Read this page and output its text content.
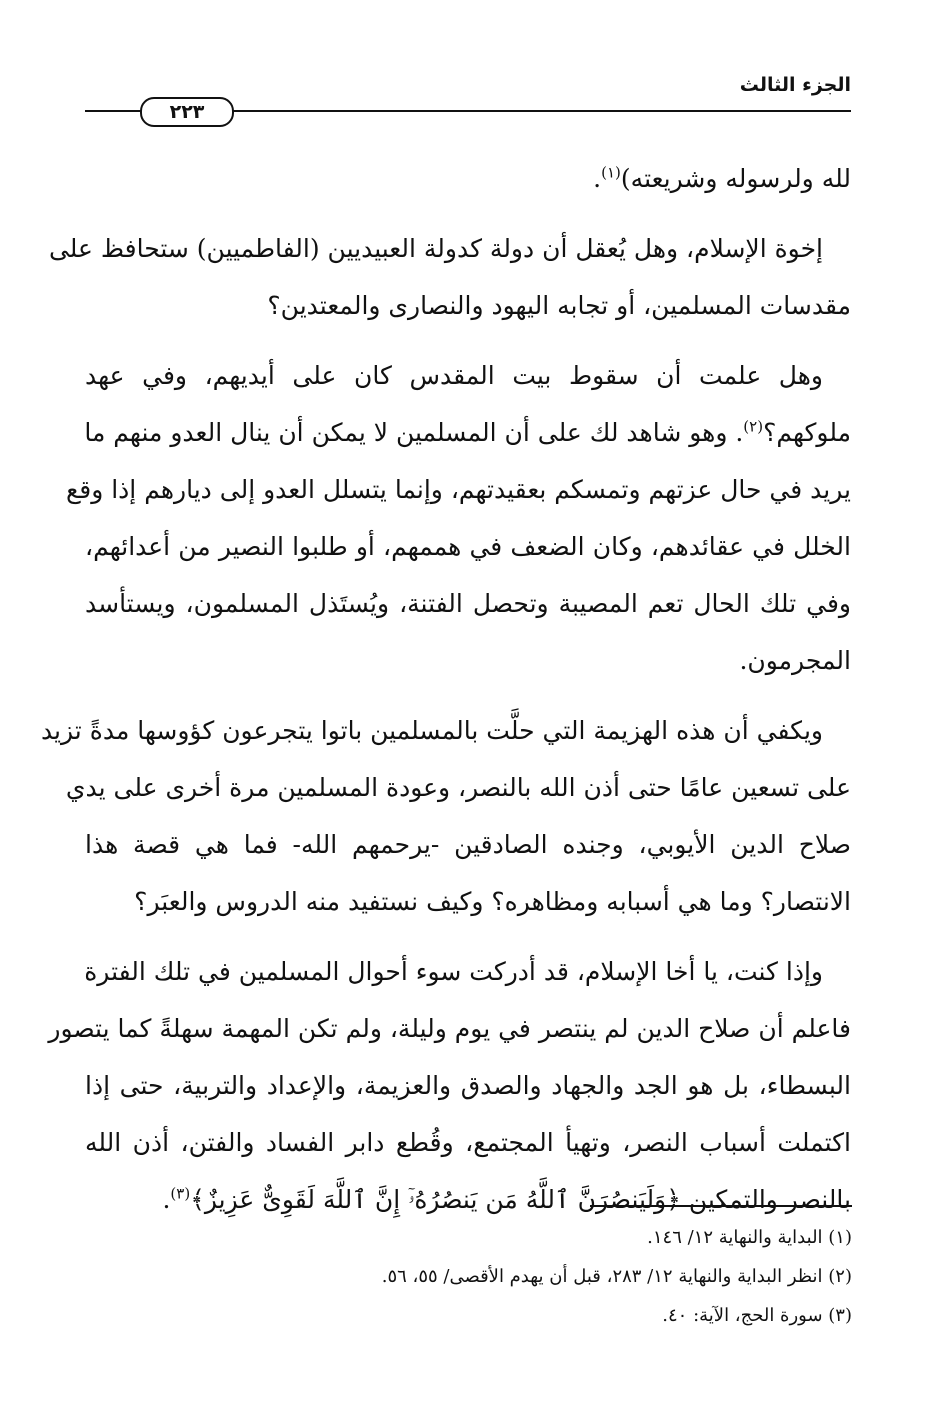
٢٢٣
الجزء الثالث

لله ولرسوله وشريعته)$^{(١)}$.

إخوة الإسلام، وهل يُعقل أن دولة كدولة العبيديين (الفاطميين) ستحافظ على
مقدسات المسلمين، أو تجابه اليهود والنصارى والمعتدين؟

وهل علمت أن سقوط بيت المقدس كان على أيديهم، وفي عهد
ملوكهم؟$^{(٢)}$. وهو شاهد لك على أن المسلمين لا يمكن أن ينال العدو منهم ما
يريد في حال عزتهم وتمسكم بعقيدتهم، وإنما يتسلل العدو إلى ديارهم إذا وقع
الخلل في عقائدهم، وكان الضعف في هممهم، أو طلبوا النصير من أعدائهم،
وفي تلك الحال تعم المصيبة وتحصل الفتنة، ويُستَذل المسلمون، ويستأسد
المجرمون.

ويكفي أن هذه الهزيمة التي حلَّت بالمسلمين باتوا يتجرعون كؤوسها مدةً تزيد
على تسعين عامًا حتى أذن الله بالنصر، وعودة المسلمين مرة أخرى على يدي
صلاح الدين الأيوبي، وجنده الصادقين -يرحمهم الله- فما هي قصة هذا
الانتصار؟ وما هي أسبابه ومظاهره؟ وكيف نستفيد منه الدروس والعبَر؟

وإذا كنت، يا أخا الإسلام، قد أدركت سوء أحوال المسلمين في تلك الفترة
فاعلم أن صلاح الدين لم ينتصر في يوم وليلة، ولم تكن المهمة سهلةً كما يتصور
البسطاء، بل هو الجد والجهاد والصدق والعزيمة، والإعداد والتربية، حتى إذا
اكتملت أسباب النصر، وتهيأ المجتمع، وقُطع دابر الفساد والفتن، أذن الله
بالنصر والتمكين ﴿وَلَيَنصُرَنَّ ٱللَّهُ مَن يَنصُرُهُۥٓ إِنَّ ٱللَّهَ لَقَوِىٌّ عَزِيزٌ﴾$^{(٣)}$.

(١) البداية والنهاية ١٢/ ١٤٦.
(٢) انظر البداية والنهاية ١٢/ ٢٨٣، قبل أن يهدم الأقصى/ ٥٥، ٥٦.
(٣) سورة الحج، الآية: ٤٠.
